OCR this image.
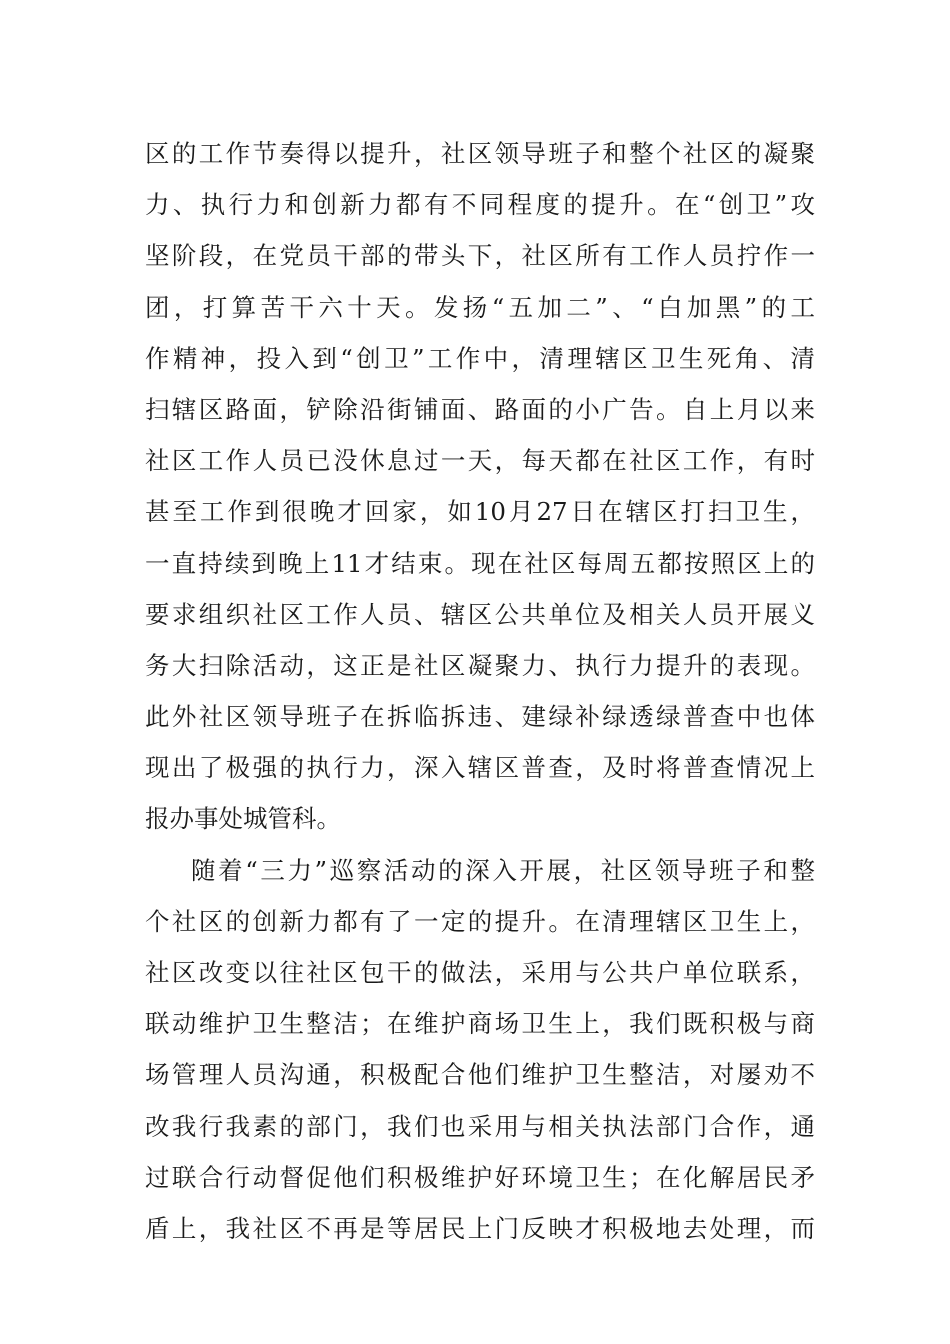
区的工作节奏得以提升，社区领导班子和整个社区的凝聚
力、执行力和创新力都有不同程度的提升。在“创卫”攻
坚阶段，在党员干部的带头下，社区所有工作人员拧作一
团，打算苦干六十天。发扬“五加二”、“白加黑”的工
作精神，投入到“创卫”工作中，清理辖区卫生死角、清
扫辖区路面，铲除沿街铺面、路面的小广告。自上月以来
社区工作人员已没休息过一天，每天都在社区工作，有时
甚至工作到很晚才回家，如10月27日在辖区打扫卫生，
一直持续到晚上11才结束。现在社区每周五都按照区上的
要求组织社区工作人员、辖区公共单位及相关人员开展义
务大扫除活动，这正是社区凝聚力、执行力提升的表现。
此外社区领导班子在拆临拆违、建绿补绿透绿普查中也体
现出了极强的执行力，深入辖区普查，及时将普查情况上
报办事处城管科。
随着“三力”巡察活动的深入开展，社区领导班子和整
个社区的创新力都有了一定的提升。在清理辖区卫生上，
社区改变以往社区包干的做法，采用与公共户单位联系，
联动维护卫生整洁；在维护商场卫生上，我们既积极与商
场管理人员沟通，积极配合他们维护卫生整洁，对屡劝不
改我行我素的部门，我们也采用与相关执法部门合作，通
过联合行动督促他们积极维护好环境卫生；在化解居民矛
盾上，我社区不再是等居民上门反映才积极地去处理，而
